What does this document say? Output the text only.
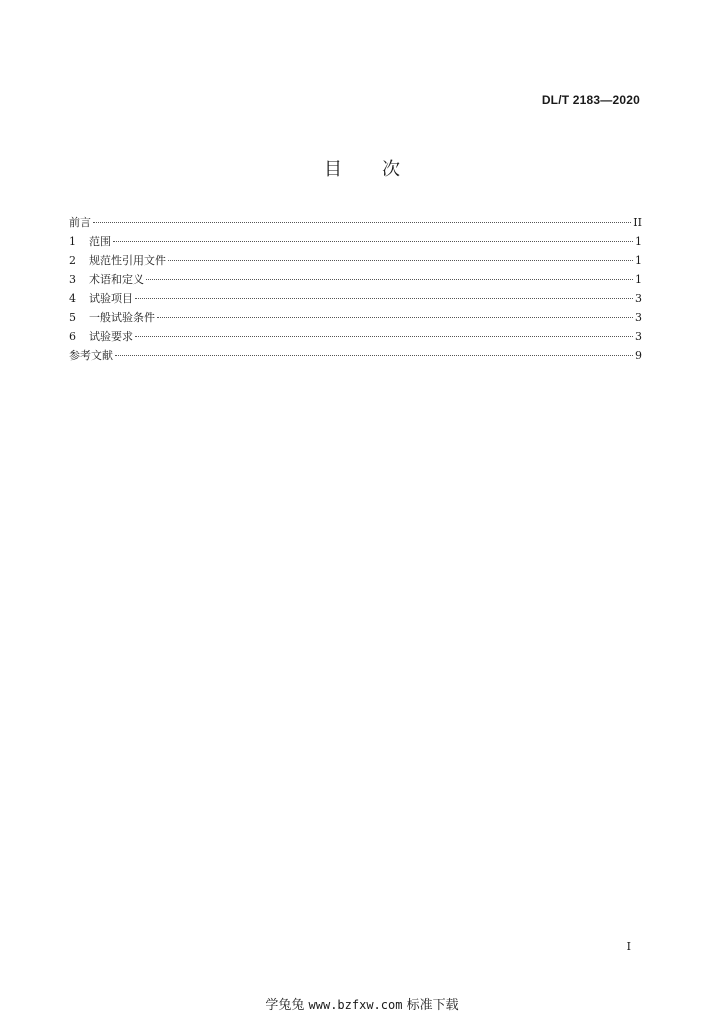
DL/T 2183—2020
目 次
前言	II
1	范围	1
2	规范性引用文件	1
3	术语和定义	1
4	试验项目	3
5	一般试验条件	3
6	试验要求	3
参考文献	9
I
学兔兔 www.bzfxw.com 标准下载
